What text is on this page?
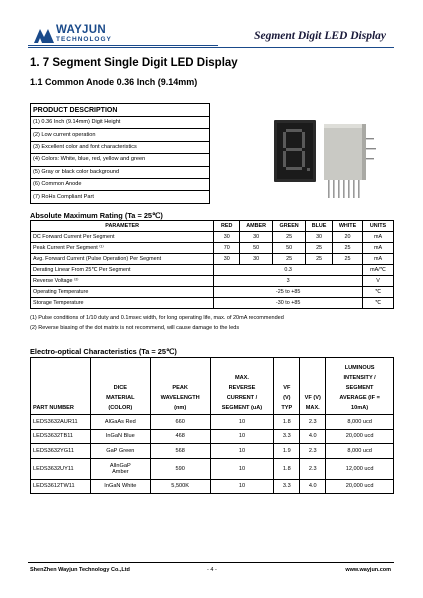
WAYJUN
TECHNOLOGY	Segment Digit LED Display
1. 7 Segment Single Digit LED Display
1.1 Common Anode 0.36 Inch (9.14mm)
PRODUCT DESCRIPTION
(1) 0.36 Inch (9.14mm) Digit Height
(2) Low current operation
(3) Excellent color and font characteristics
(4) Colors: White, blue, red, yellow and green
(5) Gray or black color background
(6) Common Anode
(7) RoHs Compliant Part
Absolute Maximum Rating (Ta = 25℃)
PARAMETER	RED	AMBER	GREEN	BLUE	WHITE	UNITS
DC Forward Current Per Segment	30	30	25	30	20	mA
Peak Current Per Segment ⁽¹⁾	70	50	50	25	25	mA
Avg. Forward Current (Pulse Operation) Per Segment	30	30	25	25	25	mA
Derating Linear From 25℃ Per Segment	0.3					mA/℃
Reverse Voltage ⁽²⁾	3					V
Operating Temperature	-25 to +85					℃
Storage Temperature	-30 to +85					℃
(1) Pulse conditions of 1/10 duty and 0.1msec width, for long operating life, max. of 20mA recommended
(2) Reverse biasing of the dot matrix is not recommend, will cause damage to the leds
Electro-optical Characteristics (Ta = 25℃)
PART NUMBER	DICE
MATERIAL
(COLOR)	PEAK
WAVELENGTH
(nm)	MAX.
REVERSE
CURRENT /
SEGMENT (uA)	VF
(V)
TYP	VF (V)
MAX.	LUMINOUS
INTENSITY /
SEGMENT
AVERAGE (IF =
10mA)
LEDS3632AUR11	AlGaAs Red	660	10	1.8	2.3	8,000 ucd
LEDS3632TB11	InGaN Blue	468	10	3.3	4.0	20,000 ucd
LEDS3632YG11	GaP Green	568	10	1.9	2.3	8,000 ucd
LEDS3632UY11	AlInGaP
Amber	590	10	1.8	2.3	12,000 ucd
LEDS3612TW11	InGaN White	5,500K	10	3.3	4.0	20,000 ucd
ShenZhen Wayjun Technology Co.,Ltd	- 4 -	www.wayjun.com
